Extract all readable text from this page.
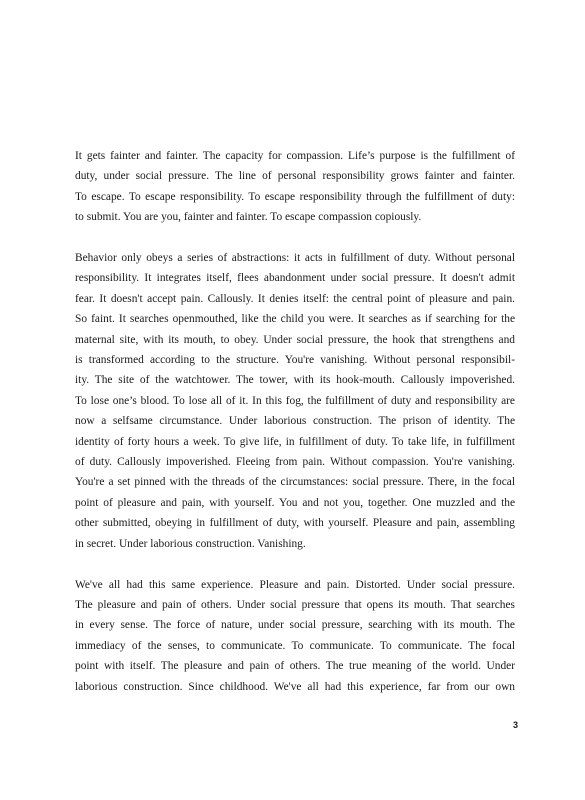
It gets fainter and fainter. The capacity for compassion. Life’s purpose is the fulfillment of
duty, under social pressure. The line of personal responsibility grows fainter and fainter.
To escape. To escape responsibility. To escape responsibility through the fulfillment of duty:
to submit. You are you, fainter and fainter. To escape compassion copiously.

Behavior only obeys a series of abstractions: it acts in fulfillment of duty. Without personal
responsibility. It integrates itself, flees abandonment under social pressure. It doesn't admit
fear. It doesn't accept pain. Callously. It denies itself: the central point of pleasure and pain.
So faint. It searches openmouthed, like the child you were. It searches as if searching for the
maternal site, with its mouth, to obey. Under social pressure, the hook that strengthens and
is transformed according to the structure. You're vanishing. Without personal responsibil-
ity. The site of the watchtower. The tower, with its hook-mouth. Callously impoverished.
To lose one’s blood. To lose all of it. In this fog, the fulfillment of duty and responsibility are
now a selfsame circumstance. Under laborious construction. The prison of identity. The
identity of forty hours a week. To give life, in fulfillment of duty. To take life, in fulfillment
of duty. Callously impoverished. Fleeing from pain. Without compassion. You're vanishing.
You're a set pinned with the threads of the circumstances: social pressure. There, in the focal
point of pleasure and pain, with yourself. You and not you, together. One muzzled and the
other submitted, obeying in fulfillment of duty, with yourself. Pleasure and pain, assembling
in secret. Under laborious construction. Vanishing.

We've all had this same experience. Pleasure and pain. Distorted. Under social pressure.
The pleasure and pain of others. Under social pressure that opens its mouth. That searches
in every sense. The force of nature, under social pressure, searching with its mouth. The
immediacy of the senses, to communicate. To communicate. To communicate. The focal
point with itself. The pleasure and pain of others. The true meaning of the world. Under
laborious construction. Since childhood. We've all had this experience, far from our own

3
